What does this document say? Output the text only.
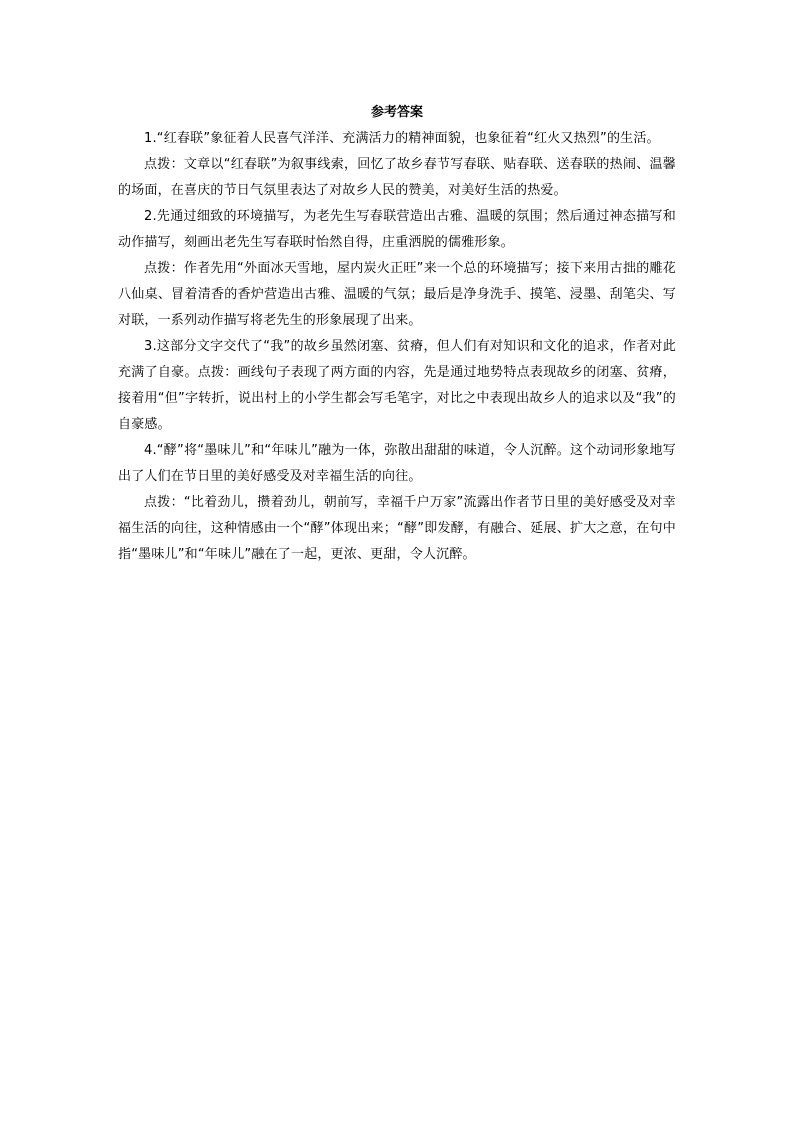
参考答案

1.“红春联”象征着人民喜气洋洋、充满活力的精神面貌，也象征着“红火又热烈”的生活。

点拨：文章以“红春联”为叙事线索，回忆了故乡春节写春联、贴春联、送春联的热闹、温馨的场面，在喜庆的节日气氛里表达了对故乡人民的赞美，对美好生活的热爱。

2.先通过细致的环境描写，为老先生写春联营造出古雅、温暖的氛围；然后通过神态描写和动作描写，刻画出老先生写春联时怡然自得，庄重洒脱的儒雅形象。

点拨：作者先用“外面冰天雪地，屋内炭火正旺”来一个总的环境描写；接下来用古拙的雕花八仙桌、冒着清香的香炉营造出古雅、温暖的气氛；最后是净身洗手、摸笔、浸墨、刮笔尖、写对联，一系列动作描写将老先生的形象展现了出来。

3.这部分文字交代了“我”的故乡虽然闭塞、贫瘠，但人们有对知识和文化的追求，作者对此充满了自豪。点拨：画线句子表现了两方面的内容，先是通过地势特点表现故乡的闭塞、贫瘠，接着用“但”字转折，说出村上的小学生都会写毛笔字，对比之中表现出故乡人的追求以及“我”的自豪感。

4.“酵”将“墨味儿”和“年味儿”融为一体，弥散出甜甜的味道，令人沉醉。这个动词形象地写出了人们在节日里的美好感受及对幸福生活的向往。

点拨：“比着劲儿，攒着劲儿，朝前写，幸福千户万家”流露出作者节日里的美好感受及对幸福生活的向往，这种情感由一个“酵”体现出来；“酵”即发酵，有融合、延展、扩大之意，在句中指“墨味儿”和“年味儿”融在了一起，更浓、更甜，令人沉醉。
